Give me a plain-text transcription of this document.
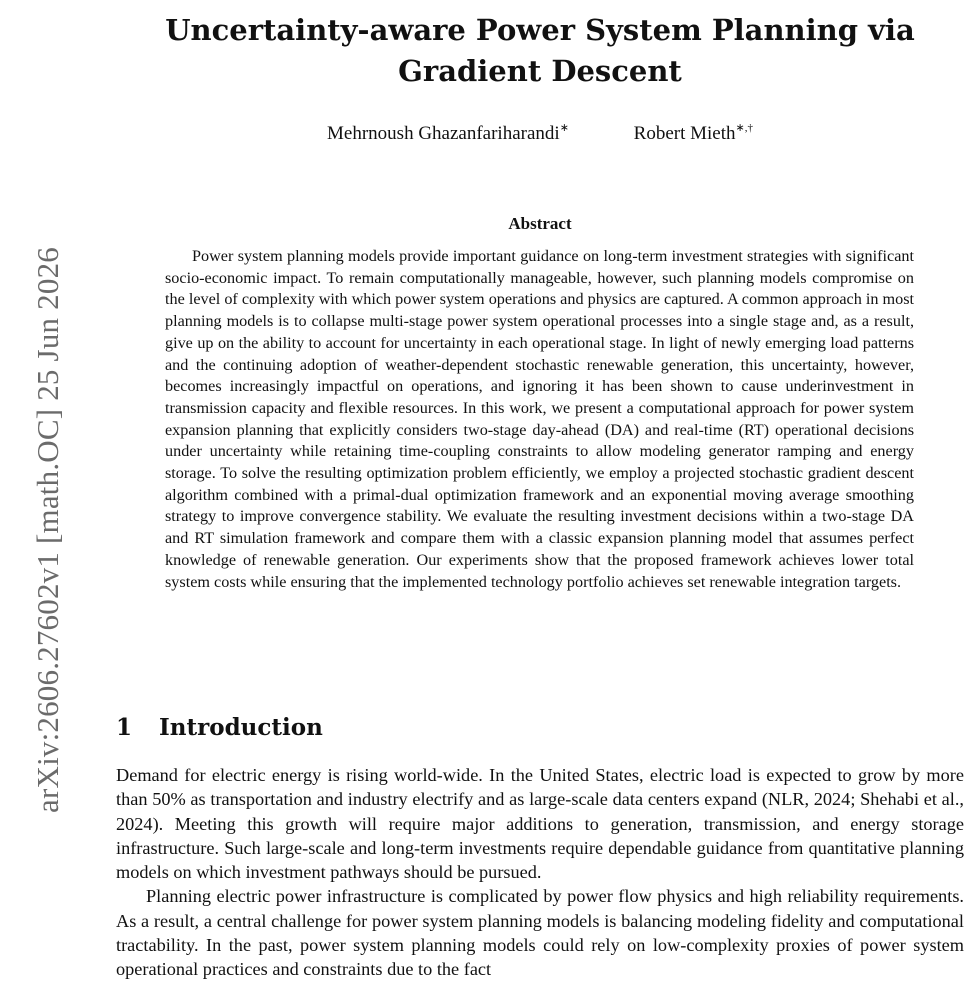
arXiv:2606.27602v1 [math.OC] 25 Jun 2026
Uncertainty-aware Power System Planning via Gradient Descent
Mehrnoush Ghazanfariharandi∗	Robert Mieth∗,†
Abstract

Power system planning models provide important guidance on long-term investment strategies with significant socio-economic impact. To remain computationally manageable, however, such planning models compromise on the level of complexity with which power system operations and physics are captured. A common approach in most planning models is to collapse multi-stage power system operational processes into a single stage and, as a result, give up on the ability to account for uncertainty in each operational stage. In light of newly emerging load patterns and the continuing adoption of weather-dependent stochastic renewable generation, this uncertainty, however, becomes increasingly impactful on operations, and ignoring it has been shown to cause underinvestment in transmission capacity and flexible resources. In this work, we present a computational approach for power system expansion planning that explicitly considers two-stage day-ahead (DA) and real-time (RT) operational decisions under uncertainty while retaining time-coupling constraints to allow modeling generator ramping and energy storage. To solve the resulting optimization problem efficiently, we employ a projected stochastic gradient descent algorithm combined with a primal-dual optimization framework and an exponential moving average smoothing strategy to improve convergence stability. We evaluate the resulting investment decisions within a two-stage DA and RT simulation framework and compare them with a classic expansion planning model that assumes perfect knowledge of renewable generation. Our experiments show that the proposed framework achieves lower total system costs while ensuring that the implemented technology portfolio achieves set renewable integration targets.

1 Introduction

Demand for electric energy is rising world-wide. In the United States, electric load is expected to grow by more than 50% as transportation and industry electrify and as large-scale data centers expand (NLR, 2024; Shehabi et al., 2024). Meeting this growth will require major additions to generation, transmission, and energy storage infrastructure. Such large-scale and long-term investments require dependable guidance from quantitative planning models on which investment pathways should be pursued.

Planning electric power infrastructure is complicated by power flow physics and high reliability requirements. As a result, a central challenge for power system planning models is balancing modeling fidelity and computational tractability. In the past, power system planning models could rely on low-complexity proxies of power system operational practices and constraints due to the fact
